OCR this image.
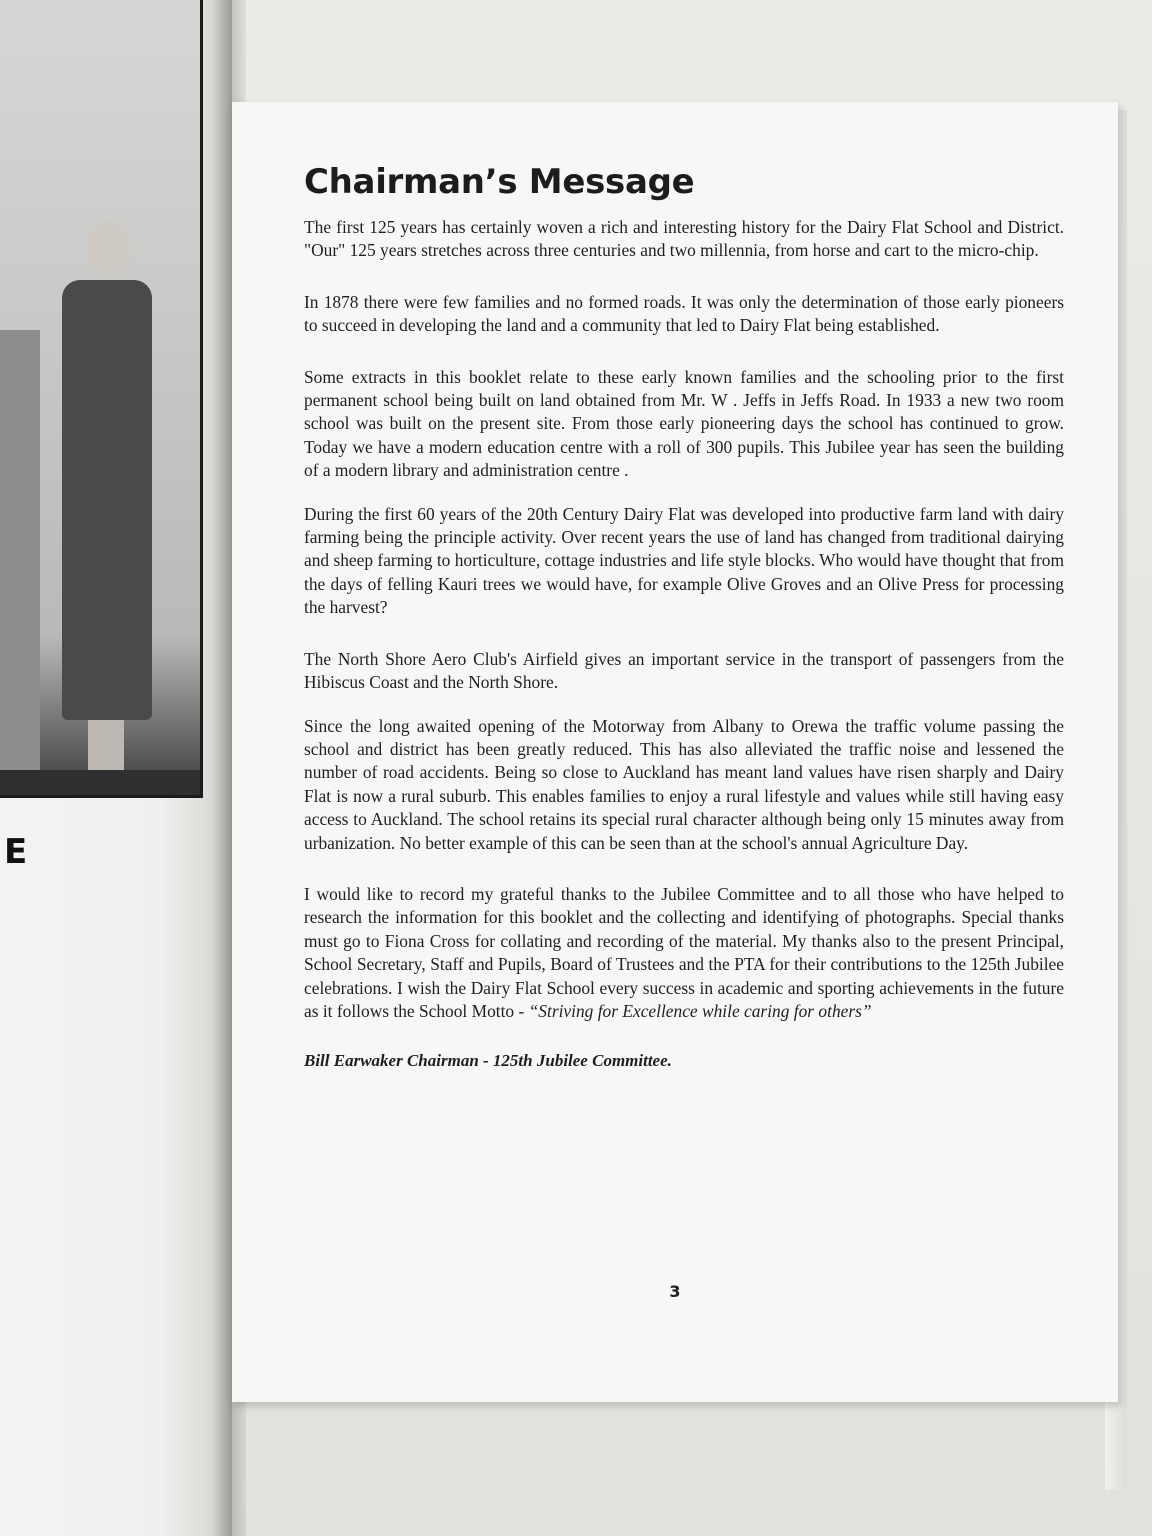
E
Chairman’s Message

The first 125 years has certainly woven a rich and interesting history for the Dairy Flat School and District. "Our" 125 years stretches across three centuries and two millennia, from horse and cart to the micro-chip.

In 1878 there were few families and no formed roads. It was only the determination of those early pioneers to succeed in developing the land and a community that led to Dairy Flat being established.

Some extracts in this booklet relate to these early known families and the schooling prior to the first permanent school being built on land obtained from Mr. W . Jeffs in Jeffs Road. In 1933 a new two room school was built on the present site. From those early pioneering days the school has continued to grow. Today we have a modern education centre with a roll of 300 pupils. This Jubilee year has seen the building of a modern library and administration centre .

During the first 60 years of the 20th Century Dairy Flat was developed into productive farm land with dairy farming being the principle activity. Over recent years the use of land has changed from traditional dairying and sheep farming to horticulture, cottage industries and life style blocks. Who would have thought that from the days of felling Kauri trees we would have, for example Olive Groves and an Olive Press for processing the harvest?

The North Shore Aero Club's Airfield gives an important service in the transport of passengers from the Hibiscus Coast and the North Shore.

Since the long awaited opening of the Motorway from Albany to Orewa the traffic volume passing the school and district has been greatly reduced. This has also alleviated the traffic noise and lessened the number of road accidents. Being so close to Auckland has meant land values have risen sharply and Dairy Flat is now a rural suburb. This enables families to enjoy a rural lifestyle and values while still having easy access to Auckland. The school retains its special rural character although being only 15 minutes away from urbanization. No better example of this can be seen than at the school's annual Agriculture Day.

I would like to record my grateful thanks to the Jubilee Committee and to all those who have helped to research the information for this booklet and the collecting and identifying of photographs. Special thanks must go to Fiona Cross for collating and recording of the material. My thanks also to the present Principal, School Secretary, Staff and Pupils, Board of Trustees and the PTA for their contributions to the 125th Jubilee celebrations. I wish the Dairy Flat School every success in academic and sporting achievements in the future as it follows the School Motto - “Striving for Excellence while caring for others”

Bill Earwaker Chairman - 125th Jubilee Committee.

3
